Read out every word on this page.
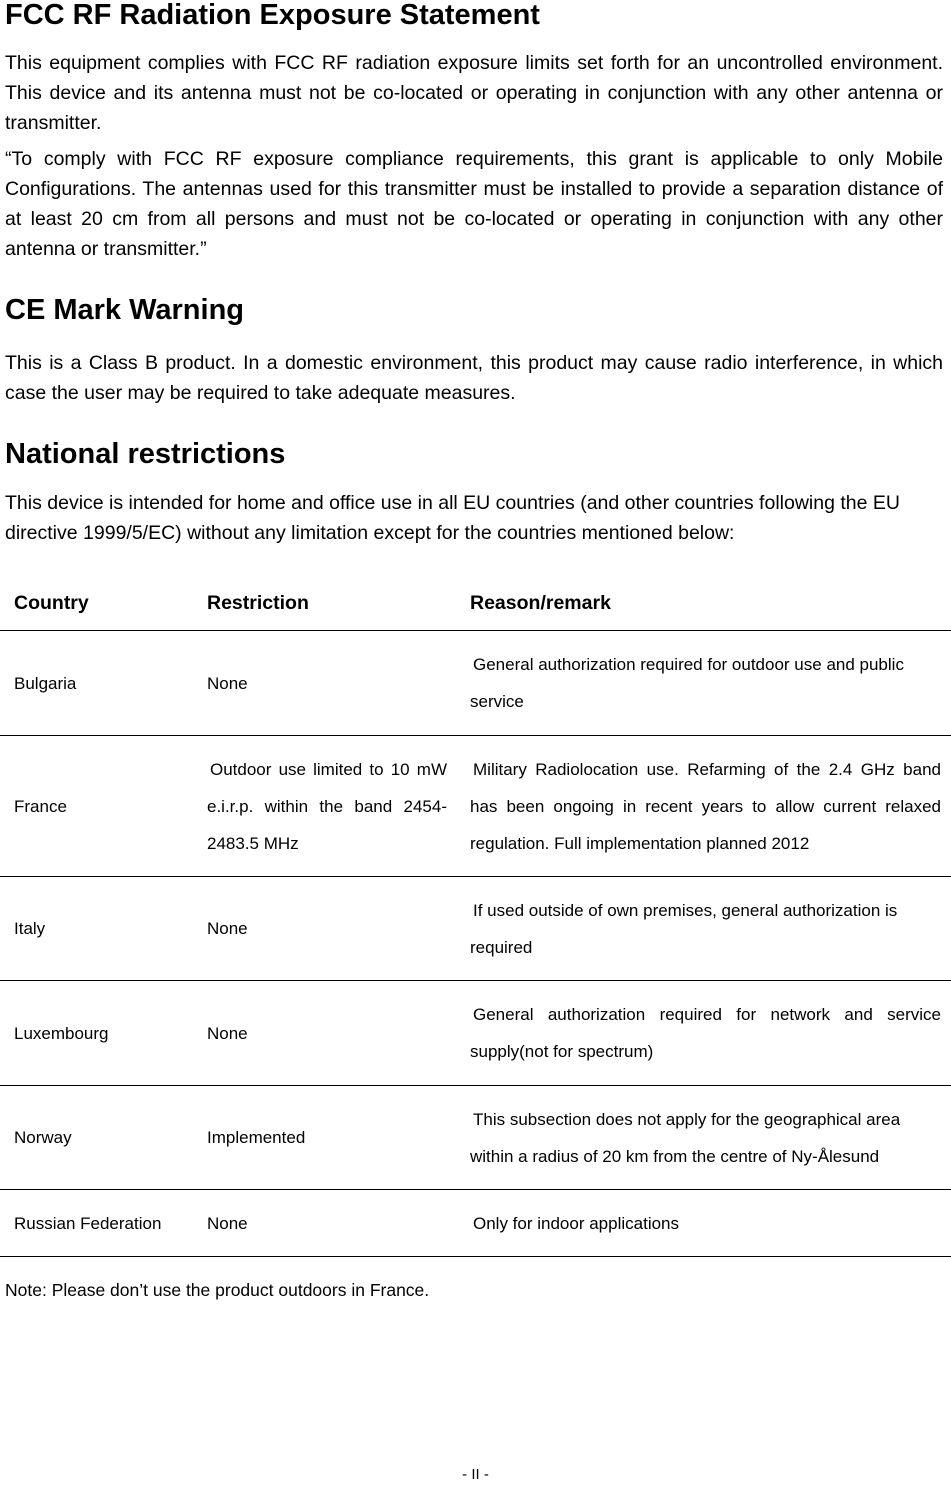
FCC RF Radiation Exposure Statement

This equipment complies with FCC RF radiation exposure limits set forth for an uncontrolled environment. This device and its antenna must not be co-located or operating in conjunction with any other antenna or transmitter.

“To comply with FCC RF exposure compliance requirements, this grant is applicable to only Mobile Configurations. The antennas used for this transmitter must be installed to provide a separation distance of at least 20 cm from all persons and must not be co-located or operating in conjunction with any other antenna or transmitter.”

CE Mark Warning

This is a Class B product. In a domestic environment, this product may cause radio interference, in which case the user may be required to take adequate measures.

National restrictions

This device is intended for home and office use in all EU countries (and other countries following the EU directive 1999/5/EC) without any limitation except for the countries mentioned below:

Country	Restriction	Reason/remark
Bulgaria	None	General authorization required for outdoor use and public service

France	Outdoor use limited to 10 mW e.i.r.p. within the band 2454-2483.5 MHz	Military Radiolocation use. Refarming of the 2.4 GHz band has been ongoing in recent years to allow current relaxed regulation. Full implementation planned 2012

Italy	None	If used outside of own premises, general authorization is required

Luxembourg	None	General authorization required for network and service supply(not for spectrum)

Norway	Implemented	This subsection does not apply for the geographical area within a radius of 20 km from the centre of Ny-Ålesund

Russian Federation	None	Only for indoor applications

Note: Please don’t use the product outdoors in France.

- II -
